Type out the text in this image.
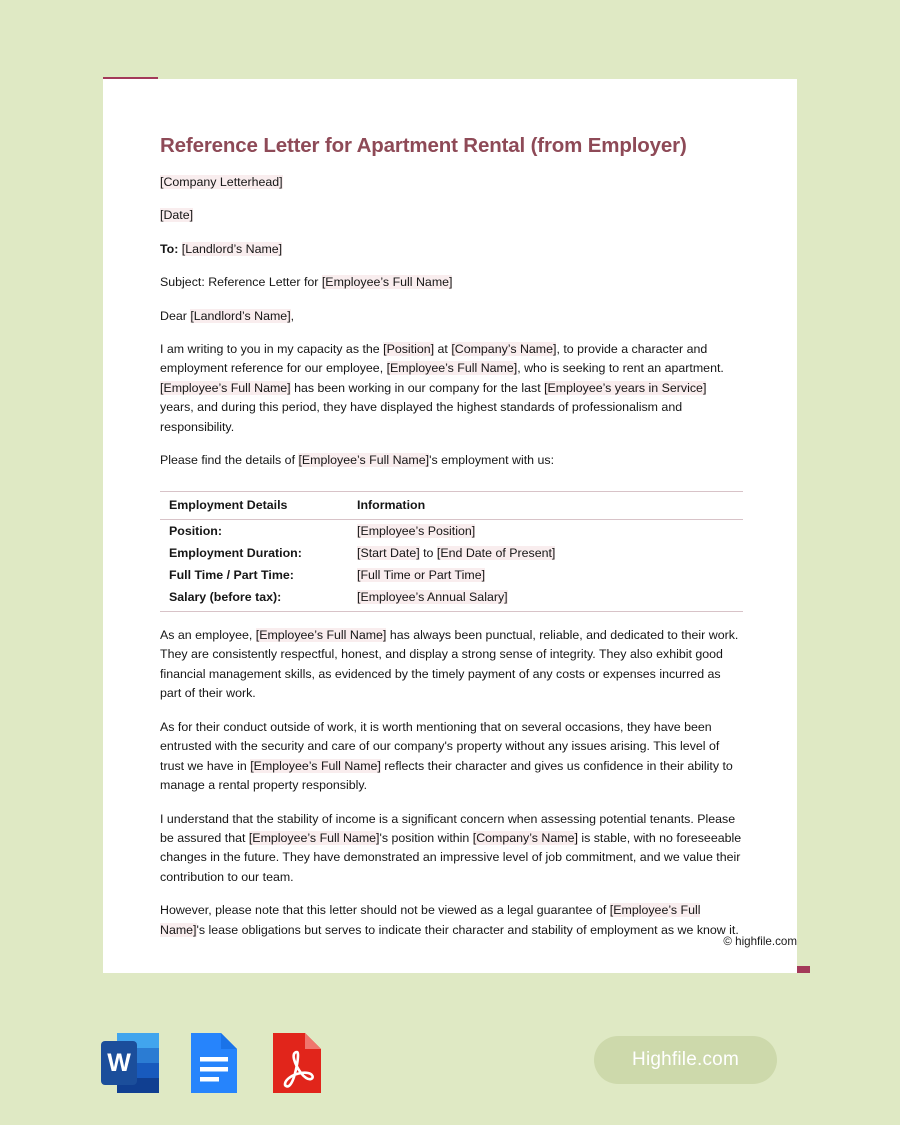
Reference Letter for Apartment Rental (from Employer)

[Company Letterhead]

[Date]

To: [Landlord’s Name]

Subject: Reference Letter for [Employee’s Full Name]

Dear [Landlord’s Name],

I am writing to you in my capacity as the [Position] at [Company’s Name], to provide a character and employment reference for our employee, [Employee’s Full Name], who is seeking to rent an apartment. [Employee’s Full Name] has been working in our company for the last [Employee’s years in Service] years, and during this period, they have displayed the highest standards of professionalism and responsibility.

Please find the details of [Employee’s Full Name]'s employment with us:

Employment Details	Information
Position:	[Employee’s Position]
Employment Duration:	[Start Date] to [End Date of Present]
Full Time / Part Time:	[Full Time or Part Time]
Salary (before tax):	[Employee’s Annual Salary]

As an employee, [Employee’s Full Name] has always been punctual, reliable, and dedicated to their work. They are consistently respectful, honest, and display a strong sense of integrity. They also exhibit good financial management skills, as evidenced by the timely payment of any costs or expenses incurred as part of their work.

As for their conduct outside of work, it is worth mentioning that on several occasions, they have been entrusted with the security and care of our company's property without any issues arising. This level of trust we have in [Employee’s Full Name] reflects their character and gives us confidence in their ability to manage a rental property responsibly.

I understand that the stability of income is a significant concern when assessing potential tenants. Please be assured that [Employee’s Full Name]'s position within [Company’s Name] is stable, with no foreseeable changes in the future. They have demonstrated an impressive level of job commitment, and we value their contribution to our team.

However, please note that this letter should not be viewed as a legal guarantee of [Employee’s Full Name]'s lease obligations but serves to indicate their character and stability of employment as we know it.

© highfile.com
W	Highfile.com
